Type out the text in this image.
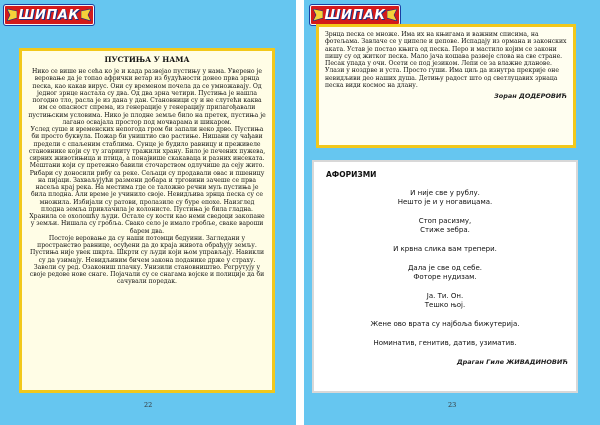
ШИПАК
ПУСТИЊА У НАМА

Нико се више не сећа ко је и када развејао пустињу у нама. Уверено је веровање да је топао афрички ветар из будућности донео прва зрнца песка, као какав вирус. Они су временом почела да се умножавају. Од једног зрнце настала су два. Од два зрна четири. Пустиња је нашла погодно тло, расла је из дана у дан. Становници су и не слутећи каква им се опасност спрема, из генерације у генерацију прилагођавали пустињским условима. Нико је плодне земље било на претек, пустиња је лагано освајала простор под мочварама и шикаром.

Услед суше и временских непогода гром би запали неко дрво. Пустиња би просто буквула. Пожар би уништио сво растиње. Нишани су чађави предели с спаљеним стаблима. Сунце је будило равницу и преживеле становнике који су ту згарииту тражили храну. Било је печених пужева, сирних животињица и птица, а понајвише скакаваца и разних инсеката.

Мештани који су претежно бавили сточарством одлучише да сеју жито. Рибари су доносили рибу са реке. Сељаци су продавали овас и пшеницу на пијаци. Захваљујући размени добара и трговини зачеше се прва насеља крај река. На местима где се таложно речни муљ пустиња је била плодна. Али време је учинило своје. Невидљива зрнца песка су се множила. Избијали су ратови, пролазиле су буре епохе. Наизглед плодна земља привлачила је колонисте. Пустиња је била гладна. Хранила се охолошћу људи. Остале су кости као неми сведоци закопане у земљи. Нишала су гробља. Свако село је имало гробље, сваке вароши барем два.

Постоје веровање да су наши потомци бедуини. Загледани у пространство равнице, осуђени да до краја живота обрађују земљу. Пустиња није увек шкрта. Шкрти су људи који њом управљају. Навикли су да узимају. Невидљивим бичем закона поданике држе у страху. Завели су ред. Озакониш плачку. Унизили становништво. Регрутују у своје редове нове снаге. Појачали су се снагама војске и полиције да би сачували поредак.

22
ШИПАК

Зрнца песка се множе. Има их на књигама и важним списима, на фотељама. Завлаче се у ципеле и џепове. Испадају из ормана и законских аката. Устав је постао књига од песка. Перо и мастило којим се закони пишу су од житког песка. Мало јача кошава развеје слова на све стране. Песак упада у очи. Осети се под језиком. Лепи се за влажне дланове. Улази у ноздрве и уста. Просто гуши. Има циљ да изнутра прекрије оне невидљиви део наших душа. Детињу радост што од светлуцавих зрнаца песка види космос на длану.

Зоран ДОДЕРОВИЋ
АФОРИЗМИ

И није све у рублу.
Нешто је и у ногавицама.

Стоп расизму,
Стиже зебра.

И крвна слика вам трепери.

Дала је све од себе.
Фоторе нудизам.

Ја. Ти. Он.
Тешко њој.

Жене ово врата су најбоља бижутерија.

Номинатив, генитив, датив, узиматив.

Драган Гиле ЖИВАДИНОВИЋ
23
